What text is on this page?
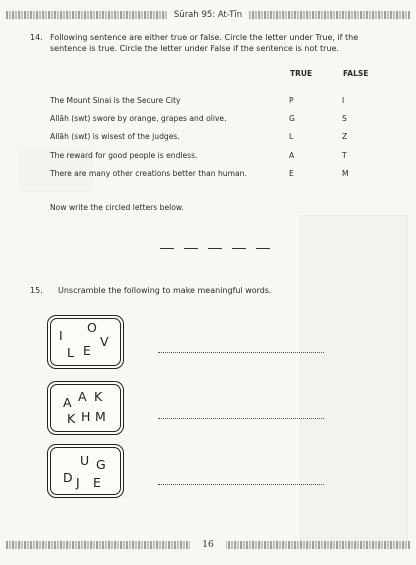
Sūrah 95: At-Tīn
14. Following sentence are either true or false. Circle the letter under True, if the
sentence is true. Circle the letter under False if the sentence is not true.
TRUE	FALSE
The Mount Sinai is the Secure City	P	I
Allāh (swt) swore by orange, grapes and olive.	G	S
Allāh (swt) is wisest of the judges.	L	Z
The reward for good people is endless.	A	T
There are many other creations better than human.	E	M
Now write the circled letters below.
15. Unscramble the following to make meaningful words.
I
O
V
L E
A A K
K H M
U G
D J E
16
